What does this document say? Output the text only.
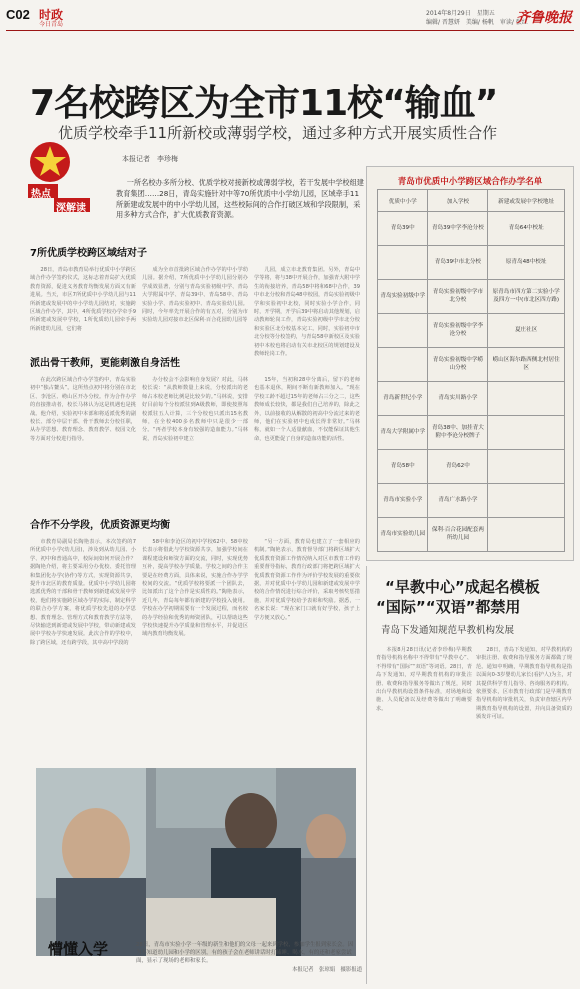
C02 时政
今日青岛
2014年8月29日　星期五
编辑/ 晋慧妍　美编/ 杨帆　审读/ 张红
齐鲁晚报
7名校跨区为全市11校“输血”
优质学校牵手11所新校或薄弱学校，通过多种方式开展实质性合作
热点
深解读
本报记者　李珍梅
一所名校办多所分校、优质学校对接新校或薄弱学校，若干发展中学校组建教育集团……28日，青岛实施针对中等70所优质中小学幼儿园，区域牵手11所新建或发展中的中小学幼儿园，这些校际间的合作打破区域和学段限制，采用多种方式合作，扩大优质教育资源。
7所优质学校跨区域结对子
28日，青岛市教育局举行优质中小学跨区域合作办学签约仪式，这标志着青岛扩大优质教育资源，促进义务教育均衡发展方面又有新进展。当天，市区7所优质中小学幼儿园与11所新建或发展中的中小学幼儿园结对，实施跨区域合作办学，其中，4所优质学校办学牵手9所新建或发展中学校，1所优质幼儿园牵手两所新建幼儿园，它们将
成为全市首批跨区域合作办学的中小学幼儿园。据介绍，7所优质中小学幼儿园分别办学成效显著，分别与青岛实验初级中学、青岛大学附属中学、青岛39中、青岛58中、青岛实验小学、青岛实验初中、青岛实验幼儿园。同时，今年率先开展合作的有五对，分别为市实验幼儿园对接市北区保利·百合花园幼儿园等
儿园，成立市北教育集团。另外，青岛中学等将，将与38中开展合作，加强青大附中学生的衔接培养，青岛58中将和68中合作，39中市北分校和青岛48中校园，青岛实验初级中学和实验初中北校，同时实验小学合作，同时，开学期，开学后39中将启动其他规划，启动教师轮岗工作，青岛实验初级中学市北分校和实验区北分校基本完工。同时，实验初中市北分校等分校签约，与青岛58中新校区及实验初中本校也将启动有关市北校区的规划建设及教师轮岗工作。
派出骨干教师，更能刺激自身活性
在此次跨区域合作办学签约中，青岛实验初中“独占鳌头”。这所热点初中将分别在市北区、李沧区、崂山区开办分校。作为合作办学的直接推动者，校长马林认为这是机遇也是挑战。他介绍，实验初中本部和将适派优秀的副校长、部分中层干部、骨干教师去分校任职，从办学思想、教育理念、教育教学、校园文化等方面对分校进行指导。
办分校会不会影响自身发展？对此，马林校长说：“从教师数量上来说，分校派出的老师占本校老师比例是比较少的。”马林说，安排好目前每个分校派驻到A级教师，即使按照每校派驻五人计算，三个分校也只派出15名教师，在全校400多名教师中只是很少一部分。“再者学校本身有较强的造血能力。”马林说，青岛实验初中建立
15年，当初和28中分离后，留下的老师也基本退休，期间不断有新教师加入。“现在学校工龄不超过15年的老师占三分之二，这些教师成长较快，都是我们自己培养的，除此之外，以前接收的从解散的初高中分流过来的老师，他们在实验初中也成长得非常好。”马林称，就如一个人适量献血，不仅能保证其他生命，也更能促了自身的造血功能的活性。
合作不分学段，优质资源更均衡
市教育局副局长陶艳表示，本次签约的7所优质中小学(幼儿园)，涉及到从幼儿园、小学、初中和普通高中，校际间如何开展合作？据陶艳介绍，将主要采用分办优校、委托管理和集团化办学(协作)等方式，实现资源共享，提升市北区的教育质量。优质中小学幼儿园将选派优秀的干部和骨干教师到新建或发展中学校，他们将实施跨区域办学的实际，制定科学的联合办学方案，将优质学校先进的办学思想、教育理念、管理方式和教育教学方法等，尽快输送到新建或发展中学校，带动新建或发展中学校办学快速发展。此次合作的学校中，除了跨区域，还有跨学段，其中高中学段的
58中和李沧区的初中学校62中、58中校长表示将借此与学校资源共享，加强学校间在课程建设和师资方面的交流，同时，实现优势互补，提高学校办学质量。学校之间的合作主要是在经费方面，具体来说，实施合作办学学校间的交流。“优质学校将要派一个团队去，比如派出了这个合作是实质性的。”陶艳表示，近几年，青岛每年都有新建的学校投入使用。学校在办学初期需要有一个发展过程，而名校的办学经验和优秀的师资团队，可以帮助这些学校快速提升办学质量和管理水平，并促进区域内教育均衡发展。
“另一方面，教育局也建立了一套相应的机制。”陶艳表示，教育督导部门将跨区域扩大优质教育资源工作情况纳入对区市教育工作的重要督导指标，教育行政部门将把跨区域扩大优质教育资源工作作为评价学校发展的重要依据，并对优质中小学幼儿园和新建或发展中学校的合作情况进行综合评价，采取考核奖惩措施，并对优质学校给予表彰和奖励。据悉，一名家长说：“现在家门口就有好学校，孩子上学方便又放心。”
青岛市优质中小学跨区域合作办学名单
优质中小学	加入学校	新建或发展中学校地址
青岛39中	青岛39中学李沧分校	青岛64中校址
	青岛39中市北分校	原青岛48中校址
青岛实验初级中学	青岛实验初级中学市北分校	原青岛市四方第二实验小学及四方一中(市北区四方路)
	青岛实验初级中学李沧分校	夏庄社区
	青岛实验初级中学崂山分校	崂山区海尔路西侧北村居住区
青岛新世纪小学	青岛实川路小学	
青岛大学附属中学	青岛38中、加挂青大附中李沧分校牌子	
青岛58中	青岛62中	
青岛市实验小学	青岛广水路小学	
青岛市实验幼儿园	保利·百合花园配套两所幼儿园	
懵懂入学	28日，青岛市实验小学一年级的新生和他们的父母一起来到学校，参加学生报到家长会。因为不知道幼儿园和小学的区别，有的孩子会在老师讲话时打瞌睡、喝水，有的还和老家尝试面，显示了现场的老师和家长。
本报记者　张琼娟　摄影报道
“早教中心”成起名模板
“国际”“双语”都禁用
青岛下发通知规范早教机构发展
本报8月28日讯(记者李珍梅)早期教育指导机构名称中不得带有“早教中心”、不得带有“国际”“双语”等词语。28日，青岛下发通知，对早期教育机构的审批注册、收费和指导服务等做出了规范，同时出台早教机构设置条件标准，对场地和设施、人员配备以及经费等做出了明确要求。
28日，青岛下发通知，对早教机构的审批注册、收费和指导服务方面都做了规范。通知中明确，早期教育指导机构是指以面向0-3岁婴幼儿家长(看护人)为主，对其提供科学育儿指导、咨询服务的机构。依照要求，区市教育行政部门是早期教育指导机构的审批机关，负责审查辖区内早期教育指导机构的设置，并向具备资质的颁发许可证。
